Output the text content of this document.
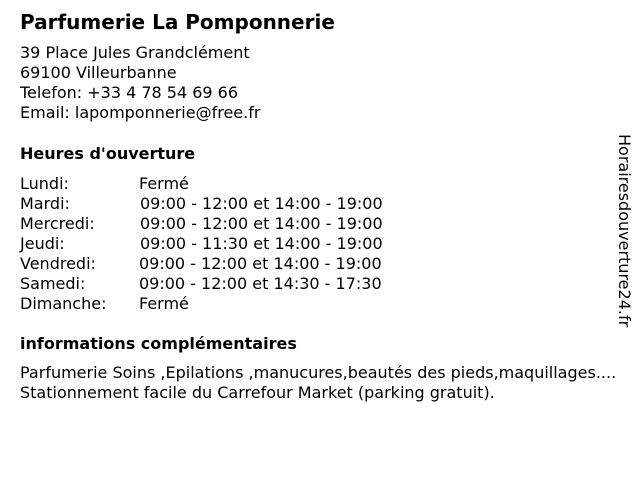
Parfumerie La Pomponnerie
39 Place Jules Grandclément
69100 Villeurbanne
Telefon: +33 4 78 54 69 66
Email: lapomponnerie@free.fr
Heures d'ouverture
Lundi:	Fermé
Mardi:	09:00 - 12:00 et 14:00 - 19:00
Mercredi:	09:00 - 12:00 et 14:00 - 19:00
Jeudi:	09:00 - 11:30 et 14:00 - 19:00
Vendredi:	09:00 - 12:00 et 14:00 - 19:00
Samedi:	09:00 - 12:00 et 14:30 - 17:30
Dimanche: Fermé
informations complémentaires
Parfumerie Soins ,Epilations ,manucures,beautés des pieds,maquillages.... Stationnement facile du Carrefour Market (parking gratuit).
Horairesdouverture24.fr
